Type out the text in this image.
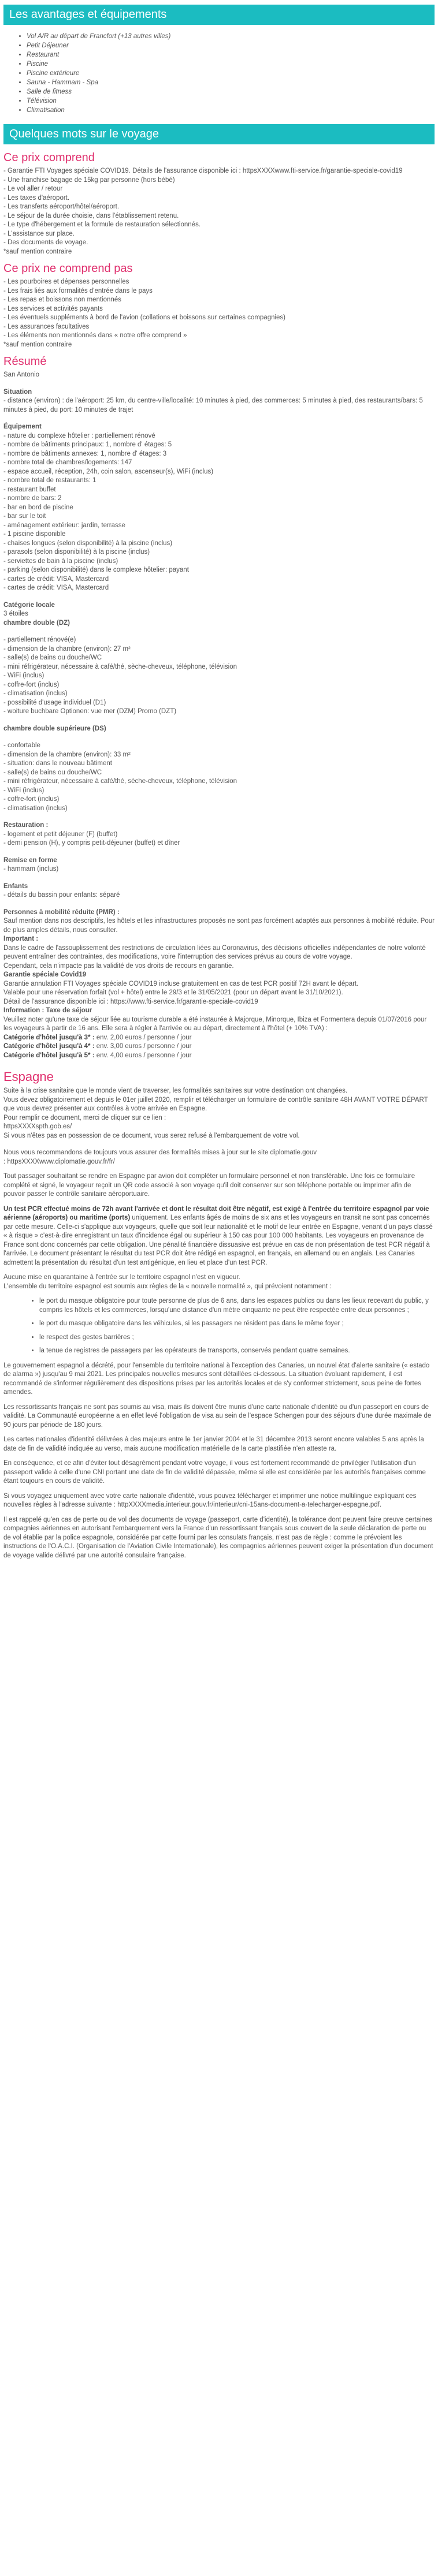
Les avantages et équipements
• Vol A/R au départ de Francfort (+13 autres villes)
• Petit Déjeuner
• Restaurant
• Piscine
• Piscine extérieure
• Sauna - Hammam - Spa
• Salle de fitness
• Télévision
• Climatisation
Quelques mots sur le voyage
Ce prix comprend
- Garantie FTI Voyages spéciale COVID19. Détails de l'assurance disponible ici : httpsXXXXwww.fti-service.fr/garantie-speciale-covid19
- Une franchise bagage de 15kg par personne (hors bébé)
- Le vol aller / retour
- Les taxes d'aéroport.
- Les transferts aéroport/hôtel/aéroport.
- Le séjour de la durée choisie, dans l'établissement retenu.
- Le type d'hébergement et la formule de restauration sélectionnés.
- L'assistance sur place.
- Des documents de voyage.
*sauf mention contraire
Ce prix ne comprend pas
- Les pourboires et dépenses personnelles
- Les frais liés aux formalités d'entrée dans le pays
- Les repas et boissons non mentionnés
- Les services et activités payants
- Les éventuels suppléments à bord de l'avion (collations et boissons sur certaines compagnies)
- Les assurances facultatives
- Les éléments non mentionnés dans « notre offre comprend »
*sauf mention contraire
Résumé
San Antonio
Situation
- distance (environ) : de l'aéroport: 25 km, du centre-ville/localité: 10 minutes à pied, des commerces: 5 minutes à pied, des restaurants/bars: 5 minutes à pied, du port: 10 minutes de trajet
Équipement
- nature du complexe hôtelier : partiellement rénové
- nombre de bâtiments principaux: 1, nombre d' étages: 5
- nombre de bâtiments annexes: 1, nombre d' étages: 3
- nombre total de chambres/logements: 147
- espace accueil, réception, 24h, coin salon, ascenseur(s), WiFi (inclus)
- nombre total de restaurants: 1
- restaurant buffet
- nombre de bars: 2
- bar en bord de piscine
- bar sur le toit
- aménagement extérieur: jardin, terrasse
- 1 piscine disponible
- chaises longues (selon disponibilité) à la piscine (inclus)
- parasols (selon disponibilité) à la piscine (inclus)
- serviettes de bain à la piscine (inclus)
- parking (selon disponibilité) dans le complexe hôtelier: payant
- cartes de crédit: VISA, Mastercard
- cartes de crédit: VISA, Mastercard
Catégorie locale
3 étoiles
chambre double (DZ)
- partiellement rénové(e)
- dimension de la chambre (environ): 27 m²
- salle(s) de bains ou douche/WC
- mini réfrigérateur, nécessaire à café/thé, sèche-cheveux, téléphone, télévision
- WiFi (inclus)
- coffre-fort (inclus)
- climatisation (inclus)
- possibilité d'usage individuel (D1)
- woiture buchbare Optionen: vue mer (DZM) Promo (DZT)
chambre double supérieure (DS)
- confortable
- dimension de la chambre (environ): 33 m²
- situation: dans le nouveau bâtiment
- salle(s) de bains ou douche/WC
- mini réfrigérateur, nécessaire à café/thé, sèche-cheveux, téléphone, télévision
- WiFi (inclus)
- coffre-fort (inclus)
- climatisation (inclus)
Restauration :
- logement et petit déjeuner (F) (buffet)
- demi pension (H), y compris petit-déjeuner (buffet) et dîner
Remise en forme
- hammam (inclus)
Enfants
- détails du bassin pour enfants: séparé
Personnes à mobilité réduite (PMR) :
Sauf mention dans nos descriptifs, les hôtels et les infrastructures proposés ne sont pas forcément adaptés aux personnes à mobilité réduite. Pour de plus amples détails, nous consulter.
Important :
Dans le cadre de l'assouplissement des restrictions de circulation liées au Coronavirus, des décisions officielles indépendantes de notre volonté peuvent entraîner des contraintes, des modifications, voire l'interruption des services prévus au cours de votre voyage.
Cependant, cela n'impacte pas la validité de vos droits de recours en garantie.
Garantie spéciale Covid19
Garantie annulation FTI Voyages spéciale COVID19 incluse gratuitement en cas de test PCR positif 72H avant le départ.
Valable pour une réservation forfait (vol + hôtel) entre le 29/3 et le 31/05/2021 (pour un départ avant le 31/10/2021).
Détail de l'assurance disponible ici : https://www.fti-service.fr/garantie-speciale-covid19
Information : Taxe de séjour
Veuillez noter qu'une taxe de séjour liée au tourisme durable a été instaurée à Majorque, Minorque, Ibiza et Formentera depuis 01/07/2016 pour les voyageurs à partir de 16 ans. Elle sera à régler à l'arrivée ou au départ, directement à l'hôtel (+ 10% TVA) :
Catégorie d'hôtel jusqu'à 3* : env. 2,00 euros / personne / jour
Catégorie d'hôtel jusqu'à 4* : env. 3,00 euros / personne / jour
Catégorie d'hôtel jusqu'à 5* : env. 4,00 euros / personne / jour
Espagne
Suite à la crise sanitaire que le monde vient de traverser, les formalités sanitaires sur votre destination ont changées.
Vous devez obligatoirement et depuis le 01er juillet 2020, remplir et télécharger un formulaire de contrôle sanitaire 48H AVANT VOTRE DÉPART que vous devrez présenter aux contrôles à votre arrivée en Espagne.
Pour remplir ce document, merci de cliquer sur ce lien :
httpsXXXXspth.gob.es/
Si vous n'êtes pas en possession de ce document, vous serez refusé à l'embarquement de votre vol.
Nous vous recommandons de toujours vous assurer des formalités mises à jour sur le site diplomatie.gouv
: httpsXXXXwww.diplomatie.gouv.fr/fr/
Tout passager souhaitant se rendre en Espagne par avion doit compléter un formulaire personnel et non transférable. Une fois ce formulaire complété et signé, le voyageur reçoit un QR code associé à son voyage qu'il doit conserver sur son téléphone portable ou imprimer afin de pouvoir passer le contrôle sanitaire aéroportuaire.
Un test PCR effectué moins de 72h avant l'arrivée et dont le résultat doit être négatif, est exigé à l'entrée du territoire espagnol par voie aérienne (aéroports) ou maritime (ports) uniquement. Les enfants âgés de moins de six ans et les voyageurs en transit ne sont pas concernés par cette mesure. Celle-ci s'applique aux voyageurs, quelle que soit leur nationalité et le motif de leur entrée en Espagne, venant d'un pays classé « à risque » c'est-à-dire enregistrant un taux d'incidence égal ou supérieur à 150 cas pour 100 000 habitants. Les voyageurs en provenance de France sont donc concernés par cette obligation. Une pénalité financière dissuasive est prévue en cas de non présentation de test PCR négatif à l'arrivée. Le document présentant le résultat du test PCR doit être rédigé en espagnol, en français, en allemand ou en anglais. Les Canaries admettent la présentation du résultat d'un test antigénique, en lieu et place d'un test PCR.
Aucune mise en quarantaine à l'entrée sur le territoire espagnol n'est en vigueur.
L'ensemble du territoire espagnol est soumis aux règles de la « nouvelle normalité », qui prévoient notamment :
• le port du masque obligatoire pour toute personne de plus de 6 ans, dans les espaces publics ou dans les lieux recevant du public, y compris les hôtels et les commerces, lorsqu'une distance d'un mètre cinquante ne peut être respectée entre deux personnes ;
• le port du masque obligatoire dans les véhicules, si les passagers ne résident pas dans le même foyer ;
• le respect des gestes barrières ;
• la tenue de registres de passagers par les opérateurs de transports, conservés pendant quatre semaines.
Le gouvernement espagnol a décrété, pour l'ensemble du territoire national à l'exception des Canaries, un nouvel état d'alerte sanitaire (« estado de alarma ») jusqu'au 9 mai 2021. Les principales nouvelles mesures sont détaillées ci-dessous. La situation évoluant rapidement, il est recommandé de s'informer régulièrement des dispositions prises par les autorités locales et de s'y conformer strictement, sous peine de fortes amendes.
Les ressortissants français ne sont pas soumis au visa, mais ils doivent être munis d'une carte nationale d'identité ou d'un passeport en cours de validité. La Communauté européenne a en effet levé l'obligation de visa au sein de l'espace Schengen pour des séjours d'une durée maximale de 90 jours par période de 180 jours.
Les cartes nationales d'identité délivrées à des majeurs entre le 1er janvier 2004 et le 31 décembre 2013 seront encore valables 5 ans après la date de fin de validité indiquée au verso, mais aucune modification matérielle de la carte plastifiée n'en atteste ra.
En conséquence, et ce afin d'éviter tout désagrément pendant votre voyage, il vous est fortement recommandé de privilégier l'utilisation d'un passeport valide à celle d'une CNI portant une date de fin de validité dépassée, même si elle est considérée par les autorités françaises comme étant toujours en cours de validité.
Si vous voyagez uniquement avec votre carte nationale d'identité, vous pouvez télécharger et imprimer une notice multilingue expliquant ces nouvelles règles à l'adresse suivante : httpXXXXmedia.interieur.gouv.fr/interieur/cni-15ans-document-a-telecharger-espagne.pdf.
Il est rappelé qu'en cas de perte ou de vol des documents de voyage (passeport, carte d'identité), la tolérance dont peuvent faire preuve certaines compagnies aériennes en autorisant l'embarquement vers la France d'un ressortissant français sous couvert de la seule déclaration de perte ou de vol établie par la police espagnole, considérée par cette fourni par les consulats français, n'est pas de règle : comme le prévoient les instructions de l'O.A.C.I. (Organisation de l'Aviation Civile Internationale), les compagnies aériennes peuvent exiger la présentation d'un document de voyage valide délivré par une autorité consulaire française.
